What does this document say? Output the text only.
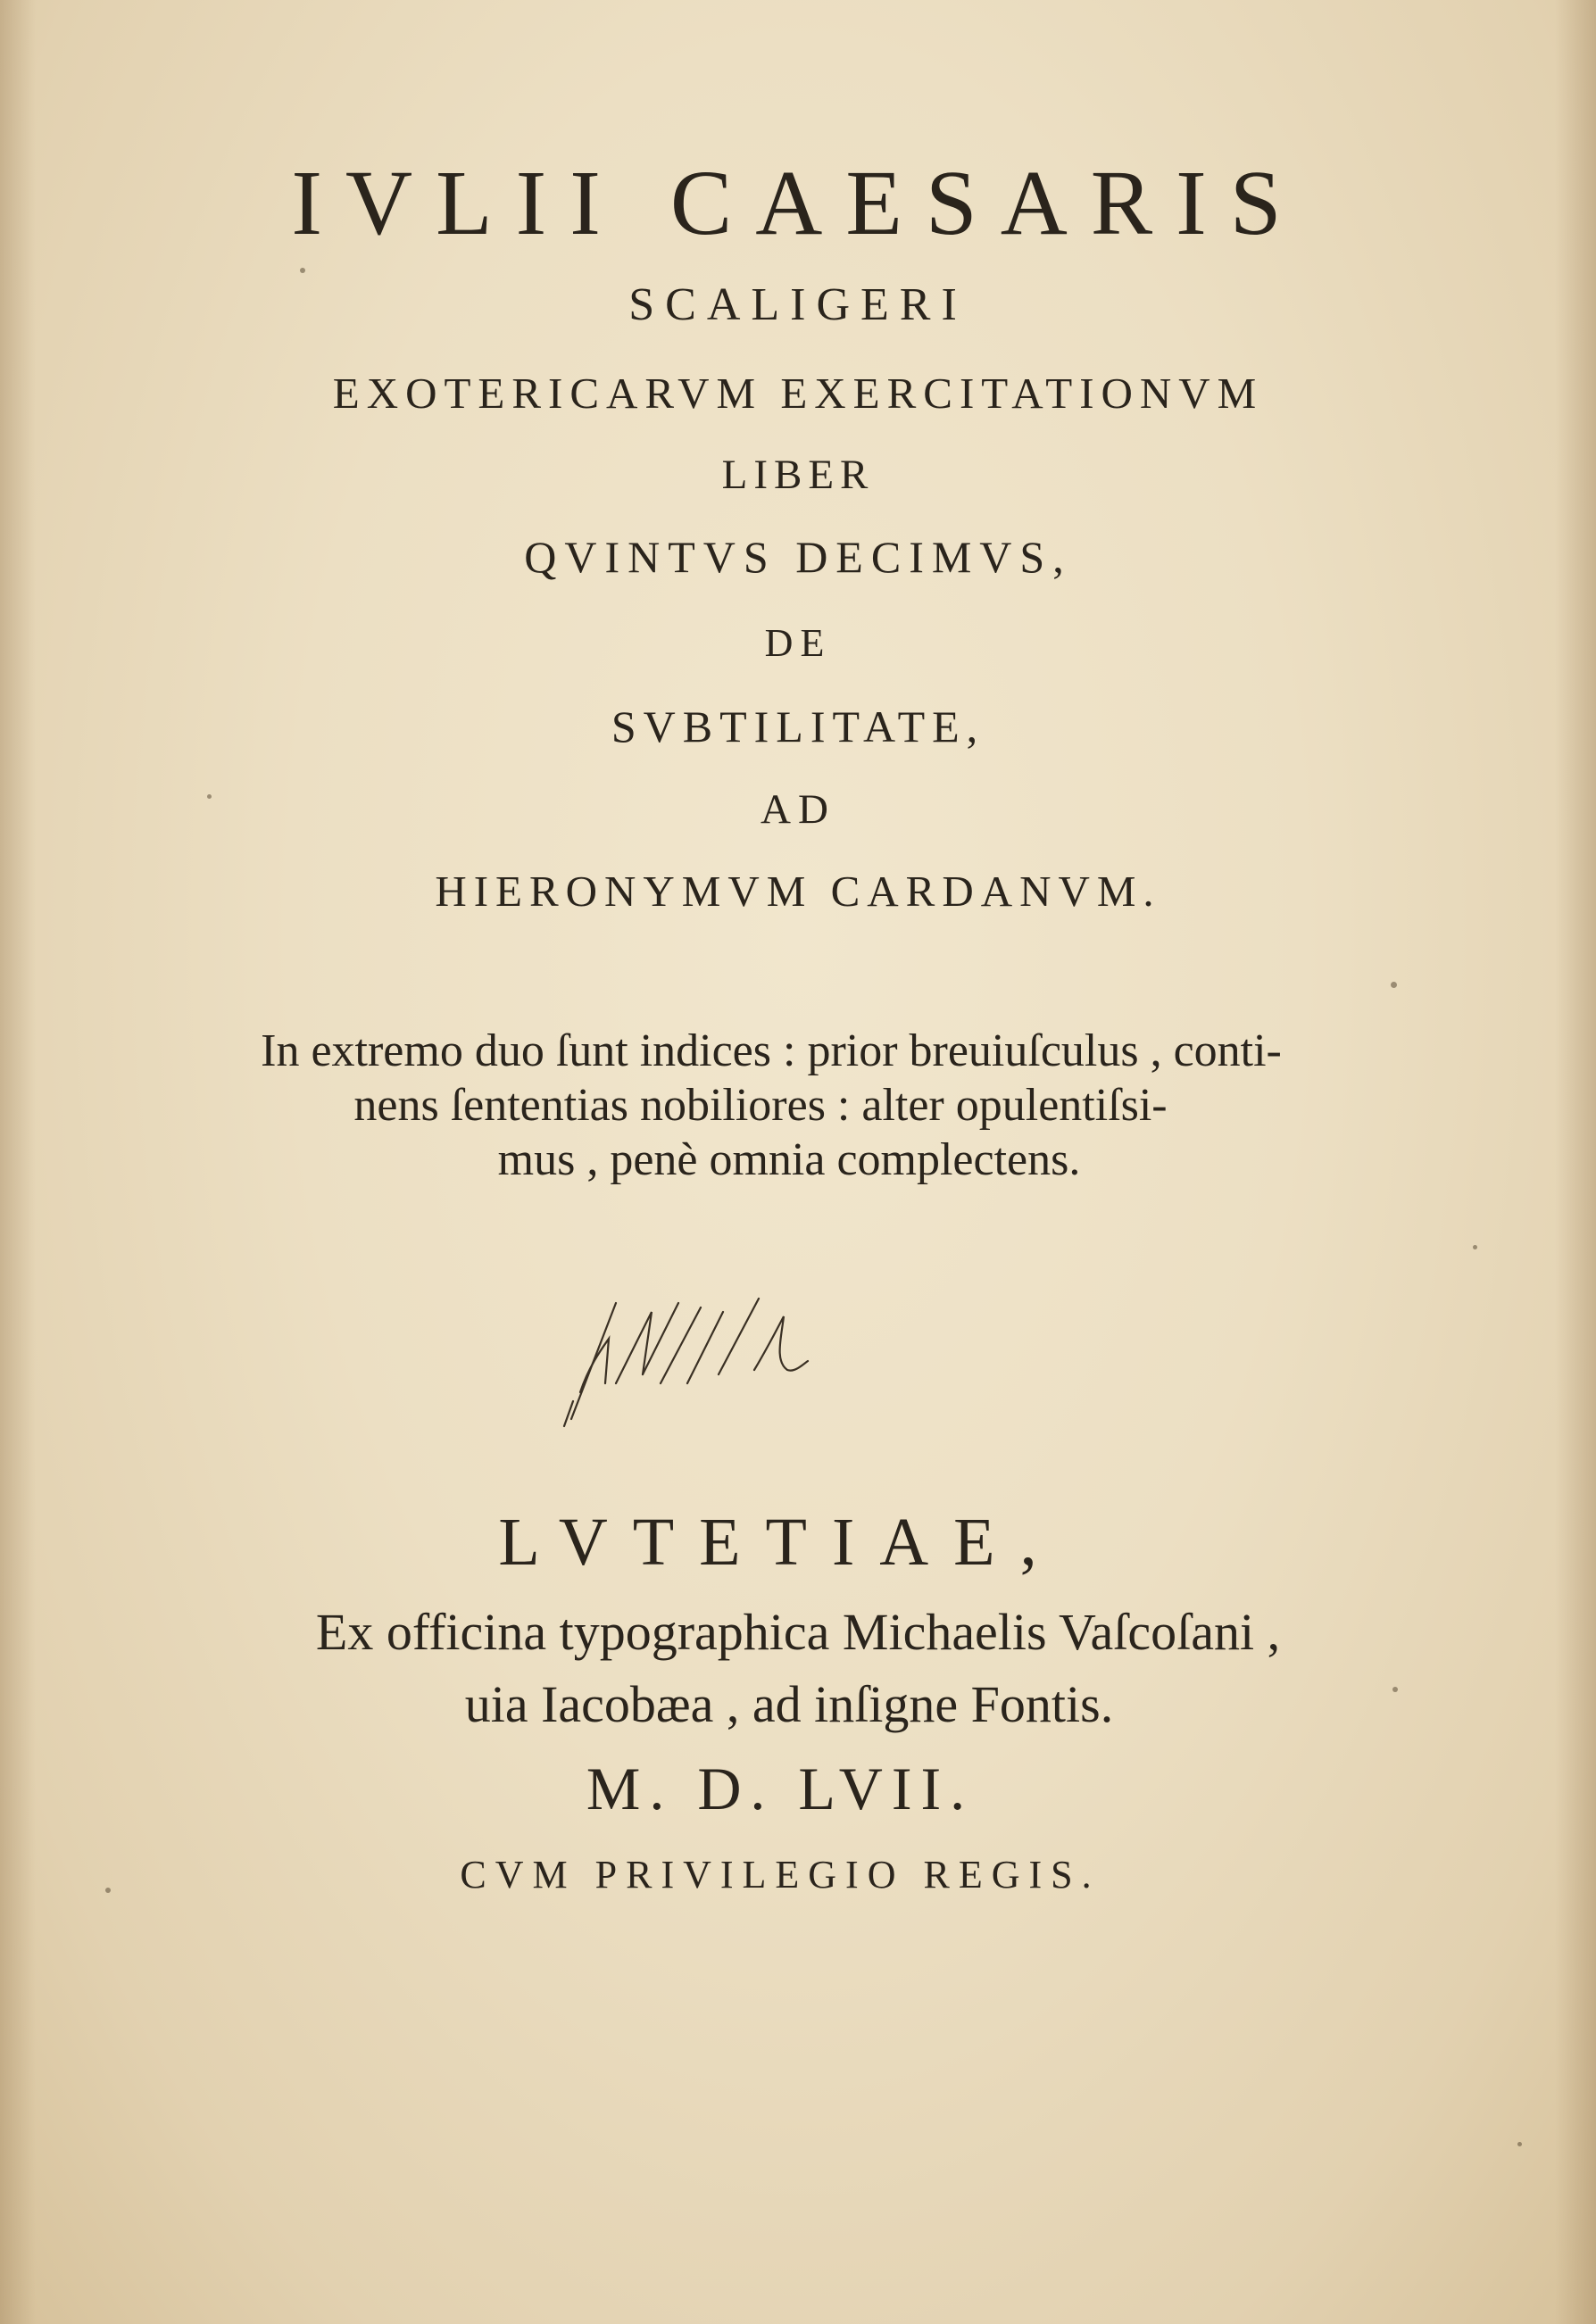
IVLII CAESARIS

SCALIGERI

EXOTERICARVM EXERCITATIONVM

LIBER

QVINTVS DECIMVS,

DE

SVBTILITATE,

AD

HIERONYMVM CARDANVM.

In extremo duo ſunt indices : prior breuiuſculus , conti-
nens ſententias nobiliores : alter opulentiſsi-
mus , penè omnia complectens.

LVTETIAE,

Ex officina typographica Michaelis Vaſcoſani ,
uia Iacobæa , ad inſigne Fontis.

M. D. LVII.

CVM PRIVILEGIO REGIS.
